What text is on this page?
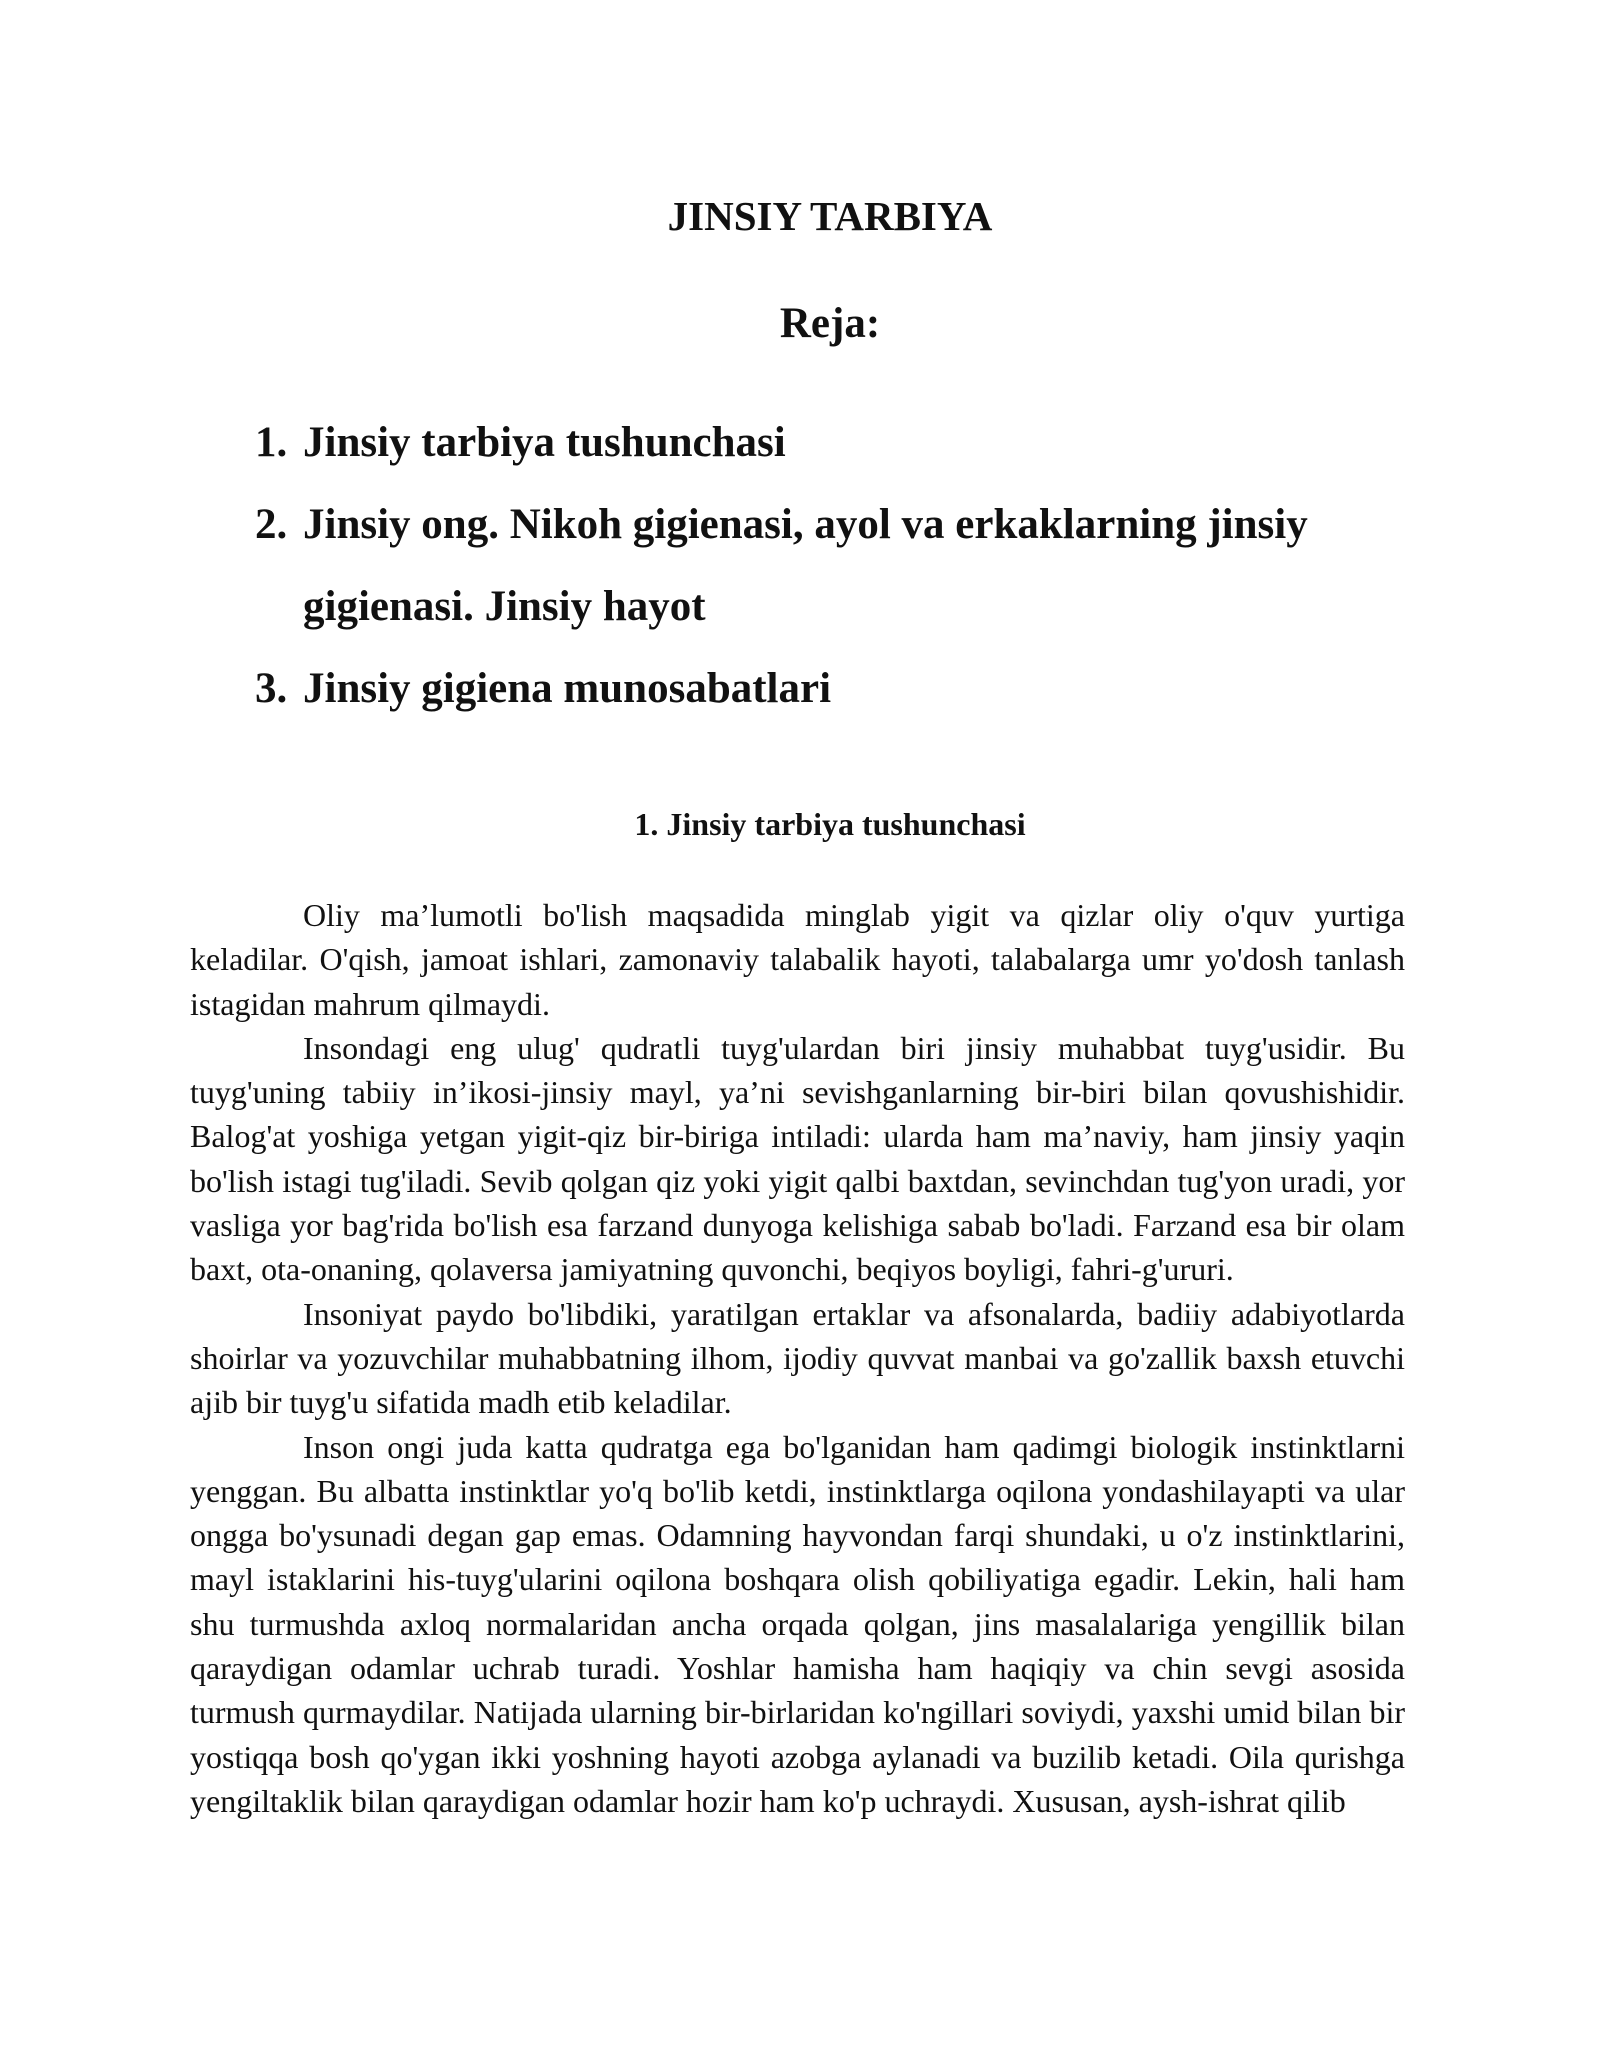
JINSIY TARBIYA
Reja:
1. Jinsiy tarbiya tushunchasi
2. Jinsiy ong. Nikoh gigienasi, ayol va erkaklarning jinsiy gigienasi. Jinsiy hayot
3. Jinsiy gigiena munosabatlari
1. Jinsiy tarbiya tushunchasi

Oliy ma’lumotli bo'lish maqsadida minglab yigit va qizlar oliy o'quv yurtiga keladilar. O'qish, jamoat ishlari, zamonaviy talabalik hayoti, talabalarga umr yo'dosh tanlash istagidan mahrum qilmaydi.

Insondagi eng ulug' qudratli tuyg'ulardan biri jinsiy muhabbat tuyg'usidir. Bu tuyg'uning tabiiy in’ikosi-jinsiy mayl, ya’ni sevishganlarning bir-biri bilan qovushishidir. Balog'at yoshiga yetgan yigit-qiz bir-biriga intiladi: ularda ham ma’naviy, ham jinsiy yaqin bo'lish istagi tug'iladi. Sevib qolgan qiz yoki yigit qalbi baxtdan, sevinchdan tug'yon uradi, yor vasliga yor bag'rida bo'lish esa farzand dunyoga kelishiga sabab bo'ladi. Farzand esa bir olam baxt, ota-onaning, qolaversa jamiyatning quvonchi, beqiyos boyligi, fahri-g'ururi.

Insoniyat paydo bo'libdiki, yaratilgan ertaklar va afsonalarda, badiiy adabiyotlarda shoirlar va yozuvchilar muhabbatning ilhom, ijodiy quvvat manbai va go'zallik baxsh etuvchi ajib bir tuyg'u sifatida madh etib keladilar.

Inson ongi juda katta qudratga ega bo'lganidan ham qadimgi biologik instinktlarni yenggan. Bu albatta instinktlar yo'q bo'lib ketdi, instinktlarga oqilona yondashilayapti va ular ongga bo'ysunadi degan gap emas. Odamning hayvondan farqi shundaki, u o'z instinktlarini, mayl istaklarini his-tuyg'ularini oqilona boshqara olish qobiliyatiga egadir. Lekin, hali ham shu turmushda axloq normalaridan ancha orqada qolgan, jins masalalariga yengillik bilan qaraydigan odamlar uchrab turadi. Yoshlar hamisha ham haqiqiy va chin sevgi asosida turmush qurmaydilar. Natijada ularning bir-birlaridan ko'ngillari soviydi, yaxshi umid bilan bir yostiqqa bosh qo'ygan ikki yoshning hayoti azobga aylanadi va buzilib ketadi. Oila qurishga yengiltaklik bilan qaraydigan odamlar hozir ham ko'p uchraydi. Xususan, aysh-ishrat qilib
